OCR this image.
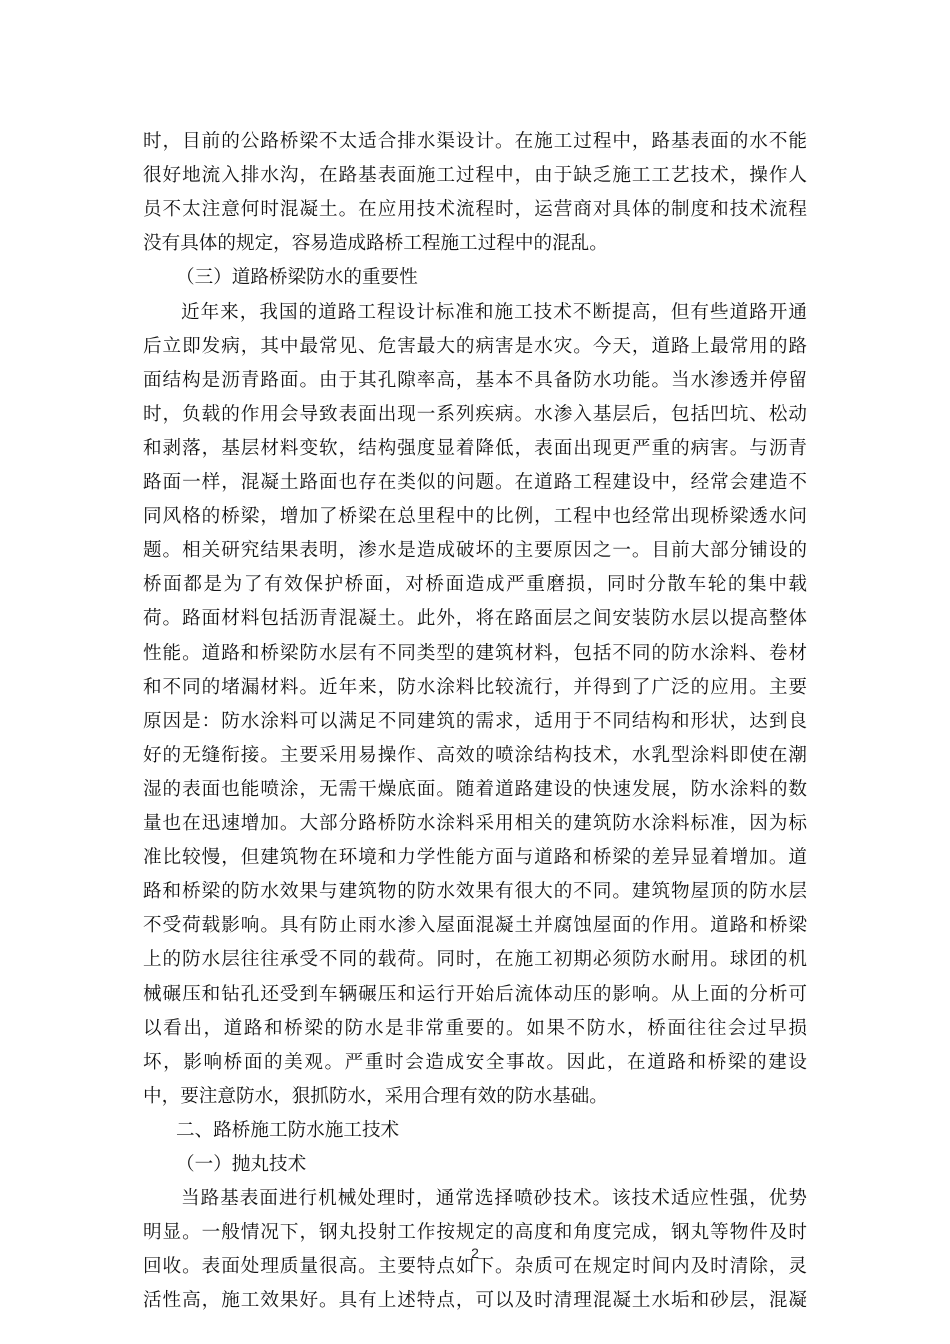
时，目前的公路桥梁不太适合排水渠设计。在施工过程中，路基表面的水不能
很好地流入排水沟，在路基表面施工过程中，由于缺乏施工工艺技术，操作人
员不太注意何时混凝土。在应用技术流程时，运营商对具体的制度和技术流程
没有具体的规定，容易造成路桥工程施工过程中的混乱。
（三）道路桥梁防水的重要性
近年来，我国的道路工程设计标准和施工技术不断提高，但有些道路开通
后立即发病，其中最常见、危害最大的病害是水灾。今天，道路上最常用的路
面结构是沥青路面。由于其孔隙率高，基本不具备防水功能。当水渗透并停留
时，负载的作用会导致表面出现一系列疾病。水渗入基层后，包括凹坑、松动
和剥落，基层材料变软，结构强度显着降低，表面出现更严重的病害。与沥青
路面一样，混凝土路面也存在类似的问题。在道路工程建设中，经常会建造不
同风格的桥梁，增加了桥梁在总里程中的比例，工程中也经常出现桥梁透水问
题。相关研究结果表明，渗水是造成破坏的主要原因之一。目前大部分铺设的
桥面都是为了有效保护桥面，对桥面造成严重磨损，同时分散车轮的集中载
荷。路面材料包括沥青混凝土。此外，将在路面层之间安装防水层以提高整体
性能。道路和桥梁防水层有不同类型的建筑材料，包括不同的防水涂料、卷材
和不同的堵漏材料。近年来，防水涂料比较流行，并得到了广泛的应用。主要
原因是：防水涂料可以满足不同建筑的需求，适用于不同结构和形状，达到良
好的无缝衔接。主要采用易操作、高效的喷涂结构技术，水乳型涂料即使在潮
湿的表面也能喷涂，无需干燥底面。随着道路建设的快速发展，防水涂料的数
量也在迅速增加。大部分路桥防水涂料采用相关的建筑防水涂料标准，因为标
准比较慢，但建筑物在环境和力学性能方面与道路和桥梁的差异显着增加。道
路和桥梁的防水效果与建筑物的防水效果有很大的不同。建筑物屋顶的防水层
不受荷载影响。具有防止雨水渗入屋面混凝土并腐蚀屋面的作用。道路和桥梁
上的防水层往往承受不同的载荷。同时，在施工初期必须防水耐用。球团的机
械碾压和钻孔还受到车辆碾压和运行开始后流体动压的影响。从上面的分析可
以看出，道路和桥梁的防水是非常重要的。如果不防水，桥面往往会过早损
坏，影响桥面的美观。严重时会造成安全事故。因此，在道路和桥梁的建设
中，要注意防水，狠抓防水，采用合理有效的防水基础。
二、路桥施工防水施工技术
（一）抛丸技术
当路基表面进行机械处理时，通常选择喷砂技术。该技术适应性强，优势
明显。一般情况下，钢丸投射工作按规定的高度和角度完成，钢丸等物件及时
回收。表面处理质量很高。主要特点如下。杂质可在规定时间内及时清除，灵
活性高，施工效果好。具有上述特点，可以及时清理混凝土水垢和砂层，混凝
2
